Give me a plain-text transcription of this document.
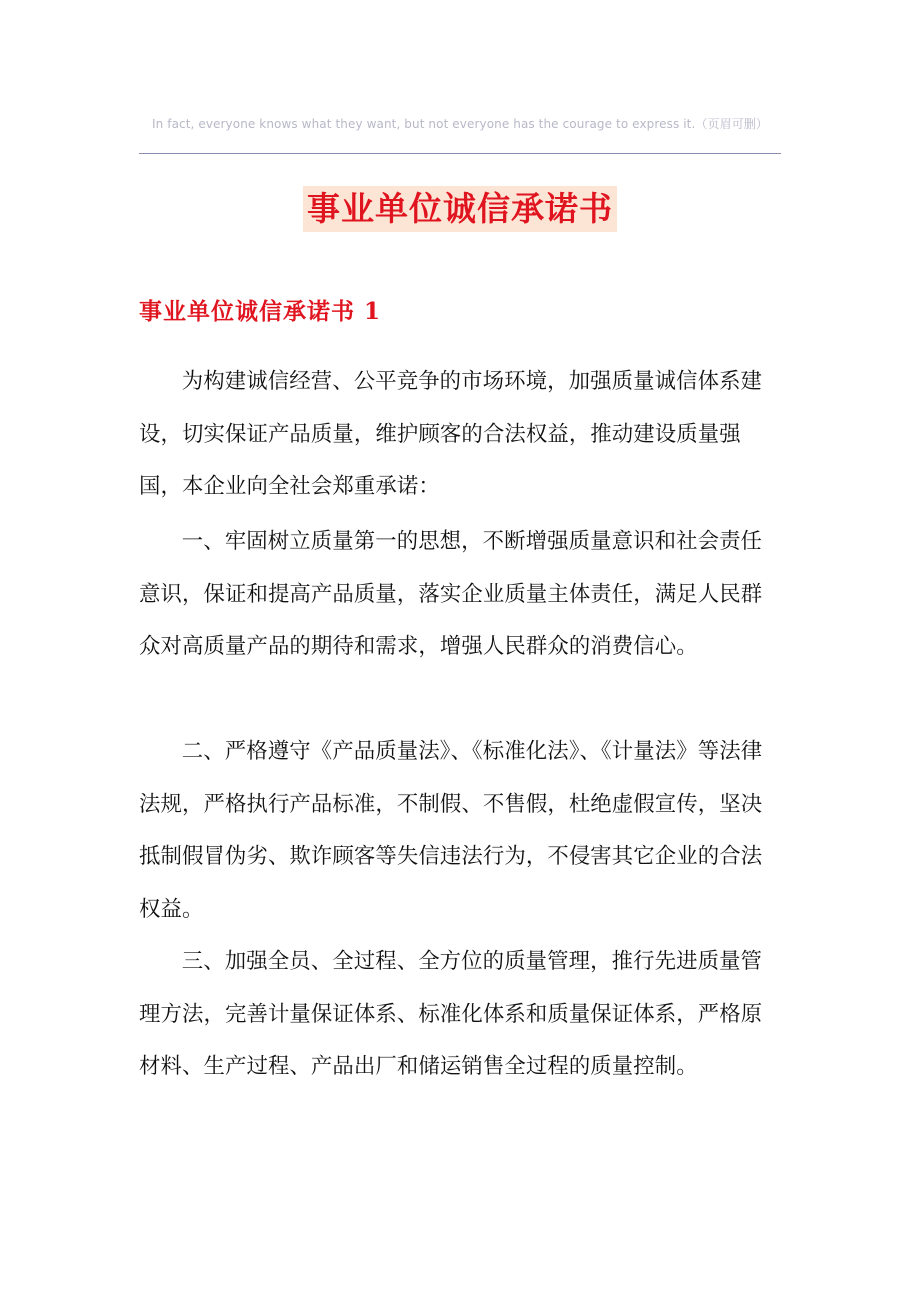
In fact, everyone knows what they want, but not everyone has the courage to express it.（页眉可删）
事业单位诚信承诺书
事业单位诚信承诺书 1

为构建诚信经营、公平竞争的市场环境，加强质量诚信体系建设，切实保证产品质量，维护顾客的合法权益，推动建设质量强国，本企业向全社会郑重承诺：

一、牢固树立质量第一的思想，不断增强质量意识和社会责任意识，保证和提高产品质量，落实企业质量主体责任，满足人民群众对高质量产品的期待和需求，增强人民群众的消费信心。

二、严格遵守《产品质量法》、《标准化法》、《计量法》等法律法规，严格执行产品标准，不制假、不售假，杜绝虚假宣传，坚决抵制假冒伪劣、欺诈顾客等失信违法行为，不侵害其它企业的合法权益。

三、加强全员、全过程、全方位的质量管理，推行先进质量管理方法，完善计量保证体系、标准化体系和质量保证体系，严格原材料、生产过程、产品出厂和储运销售全过程的质量控制。
